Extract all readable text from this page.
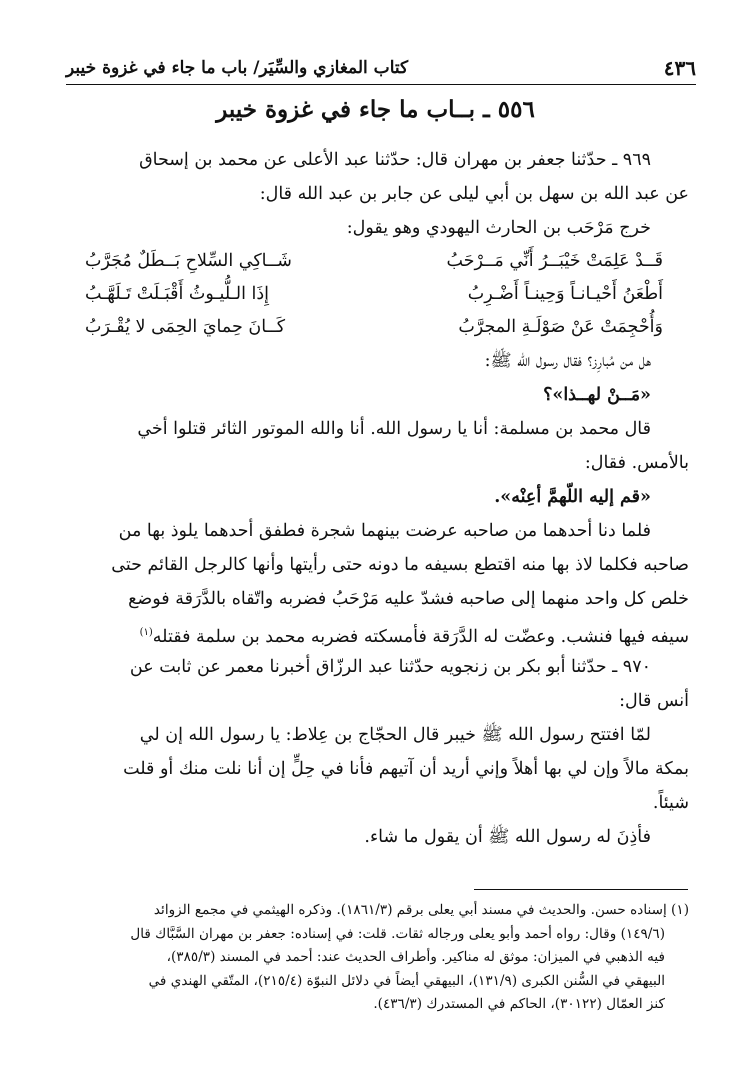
٤٣٦
كتاب المغازي والسِّيَر/ باب ما جاء في غزوة خيبر
٥٥٦ ـ بــاب ما جاء في غزوة خيبر
٩٦٩ ـ حدّثنا جعفر بن مهران قال: حدّثنا عبد الأعلى عن محمد بن إسحاق
عن عبد الله بن سهل بن أبي ليلى عن جابر بن عبد الله قال:
خرج مَرْحَب بن الحارث اليهودي وهو يقول:
قَــدْ عَلِمَتْ خَيْبَــرُ أَنِّي مَــرْحَبُ
شَــاكِي السِّلاحِ بَــطَلٌ مُجَرَّبُ
أَطْعَنُ أَحْيـانـاً وَحِينـاً أَضْـرِبُ
إِذَا الـلُّيـوثُ أَقْبَـلَتْ تَـلَهَّـبُ
وَأُحْجِمَتْ عَنْ صَوْلَـةِ المجرَّبُ
كَــانَ حِمايَ الحِمَى لا يُقْـرَبُ
هل من مُبارِز؟ فقال رسول الله ﷺ:
«مَــنْ لهــذا»؟
قال محمد بن مسلمة: أنا يا رسول الله. أنا والله الموتور الثائر قتلوا أخي
بالأمس. فقال:
«قم إليه اللّهمَّ أعِنْه».
فلما دنا أحدهما من صاحبه عرضت بينهما شجرة فطفق أحدهما يلوذ بها من
صاحبه فكلما لاذ بها منه اقتطع بسيفه ما دونه حتى رأيتها وأنها كالرجل القائم حتى
خلص كل واحد منهما إلى صاحبه فشدّ عليه مَرْحَبُ فضربه واتّقاه بالدَّرَقة فوضع
سيفه فيها فنشب. وعضّت له الدَّرَقة فأمسكته فضربه محمد بن سلمة فقتله$^{(١)}$
٩٧٠ ـ حدّثنا أبو بكر بن زنجويه حدّثنا عبد الرزّاق أخبرنا معمر عن ثابت عن
أنس قال:
لمّا افتتح رسول الله ﷺ خيبر قال الحجّاج بن عِلاط: يا رسول الله إن لي
بمكة مالاً وإن لي بها أهلاً وإني أريد أن آتيهم فأنا في حِلٍّ إن أنا نلت منك أو قلت
شيئاً.
فأذِنَ له رسول الله ﷺ أن يقول ما شاء.
(١) إسناده حسن. والحديث في مسند أبي يعلى برقم (١٨٦١/٣). وذكره الهيثمي في مجمع الزوائد
(١٤٩/٦) وقال: رواه أحمد وأبو يعلى ورجاله ثقات. قلت: في إسناده: جعفر بن مهران السَّبَّاك قال
فيه الذهبي في الميزان: موثق له مناكير. وأطراف الحديث عند: أحمد في المسند (٣٨٥/٣)،
البيهقي في السُّنن الكبرى (١٣١/٩)، البيهقي أيضاً في دلائل النبوّة (٢١٥/٤)، المتّقي الهندي في
كنز العمّال (٣٠١٢٢)، الحاكم في المستدرك (٤٣٦/٣).
